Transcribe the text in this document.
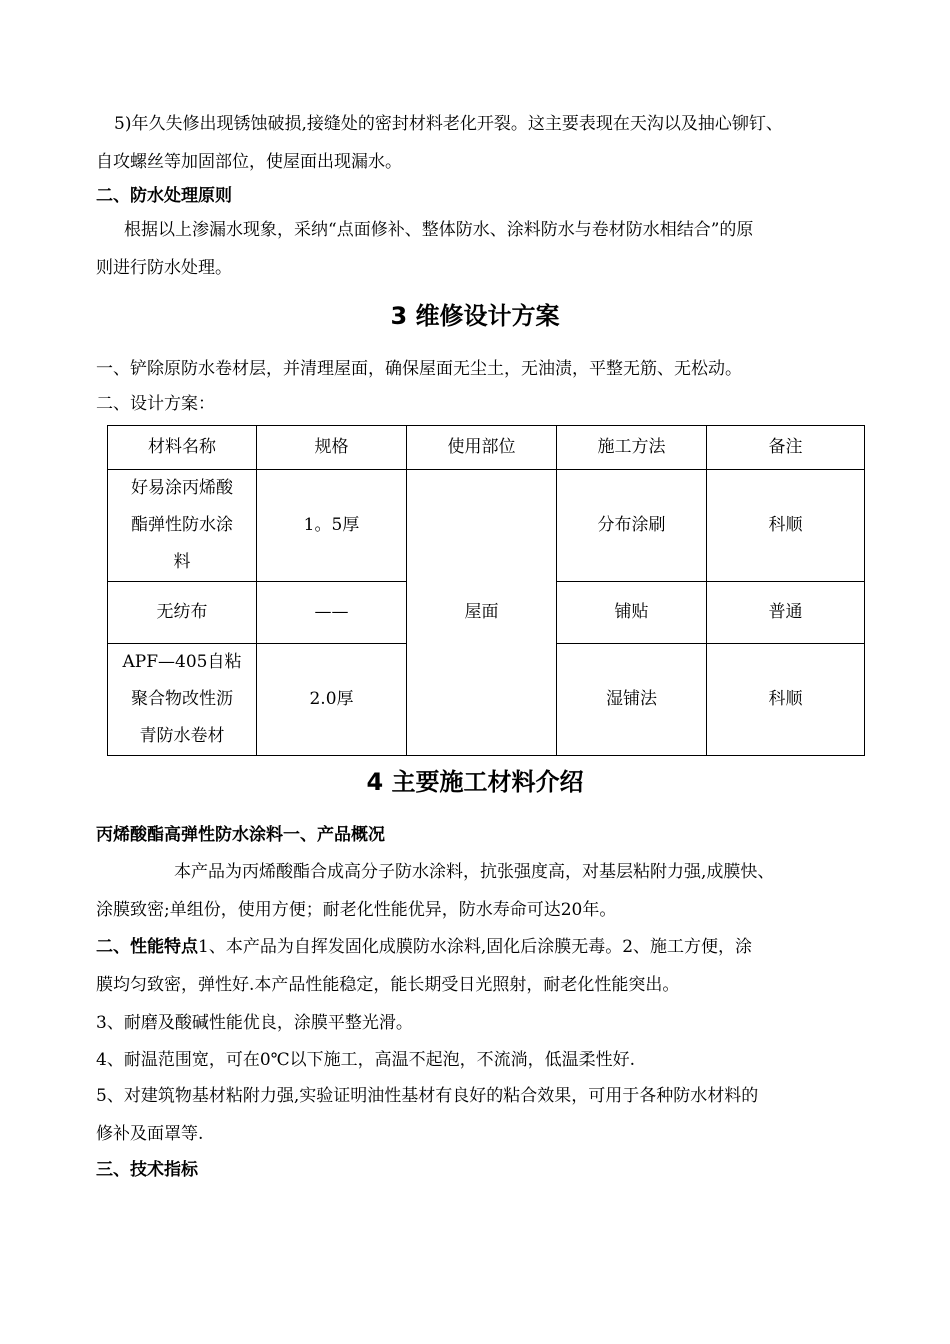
5)年久失修出现锈蚀破损,接缝处的密封材料老化开裂。这主要表现在天沟以及抽心铆钉、
自攻螺丝等加固部位，使屋面出现漏水。
二、防水处理原则
根据以上渗漏水现象，采纳“点面修补、整体防水、涂料防水与卷材防水相结合”的原
则进行防水处理。
3 维修设计方案
一、铲除原防水卷材层，并清理屋面，确保屋面无尘土，无油渍，平整无筋、无松动。
二、设计方案：
材料名称	规格	使用部位	施工方法	备注
好易涂丙烯酸
酯弹性防水涂
料	1。5厚	屋面	分布涂刷	科顺
无纺布	——		铺贴	普通
APF—405自粘
聚合物改性沥
青防水卷材	2.0厚		湿铺法	科顺
4 主要施工材料介绍
丙烯酸酯高弹性防水涂料一、产品概况
本产品为丙烯酸酯合成高分子防水涂料，抗张强度高，对基层粘附力强,成膜快、
涂膜致密;单组份，使用方便；耐老化性能优异，防水寿命可达20年。
二、性能特点1、本产品为自挥发固化成膜防水涂料,固化后涂膜无毒。2、施工方便，涂
膜均匀致密，弹性好.本产品性能稳定，能长期受日光照射，耐老化性能突出。
3、耐磨及酸碱性能优良，涂膜平整光滑。
4、耐温范围宽，可在0℃以下施工，高温不起泡，不流淌，低温柔性好.
5、对建筑物基材粘附力强,实验证明油性基材有良好的粘合效果，可用于各种防水材料的
修补及面罩等.
三、技术指标
